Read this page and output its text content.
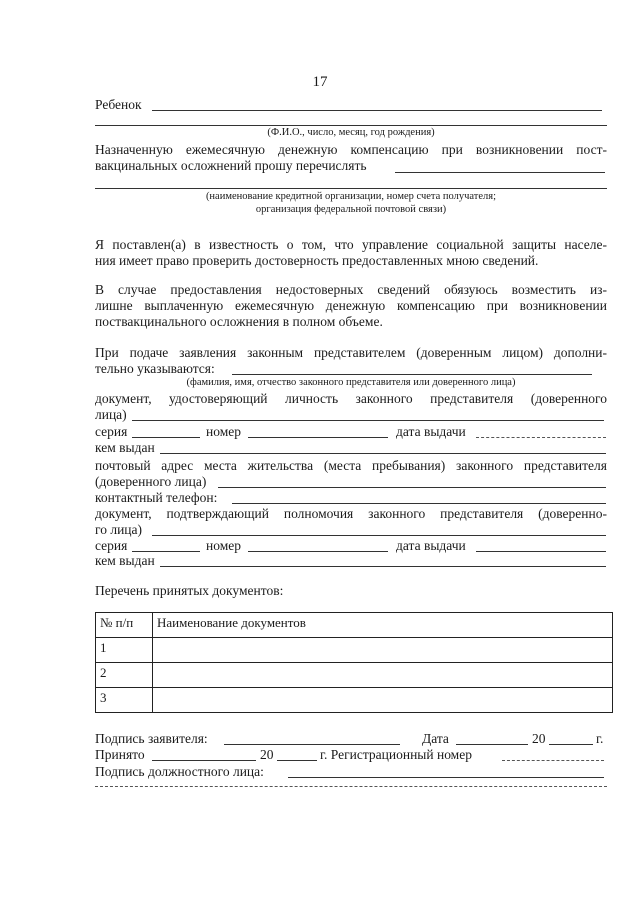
17
Ребенок
(Ф.И.О., число, месяц, год рождения)
Назначенную ежемесячную денежную компенсацию при возникновении пост-
вакцинальных осложнений прошу перечислять
(наименование кредитной организации, номер счета получателя;
организация федеральной почтовой связи)
Я поставлен(а) в известность о том, что управление социальной защиты населе-
ния имеет право проверить достоверность предоставленных мною сведений.
В случае предоставления недостоверных сведений обязуюсь возместить из-
лишне выплаченную ежемесячную денежную компенсацию при возникновении
поствакцинального осложнения в полном объеме.
При подаче заявления законным представителем (доверенным лицом) дополни-
тельно указываются:
(фамилия, имя, отчество законного представителя или доверенного лица)
документ, удостоверяющий личность законного представителя (доверенного
лица)
серия	номер	дата выдачи
кем выдан
почтовый адрес места жительства (места пребывания) законного представителя
(доверенного лица)
контактный телефон:
документ, подтверждающий полномочия законного представителя (доверенно-
го лица)
серия	номер	дата выдачи
кем выдан
Перечень принятых документов:
№ п/п	Наименование документов
1	
2	
3	
Подпись заявителя:	Дата	20	г.
Принято	20	г. Регистрационный номер
Подпись должностного лица:
